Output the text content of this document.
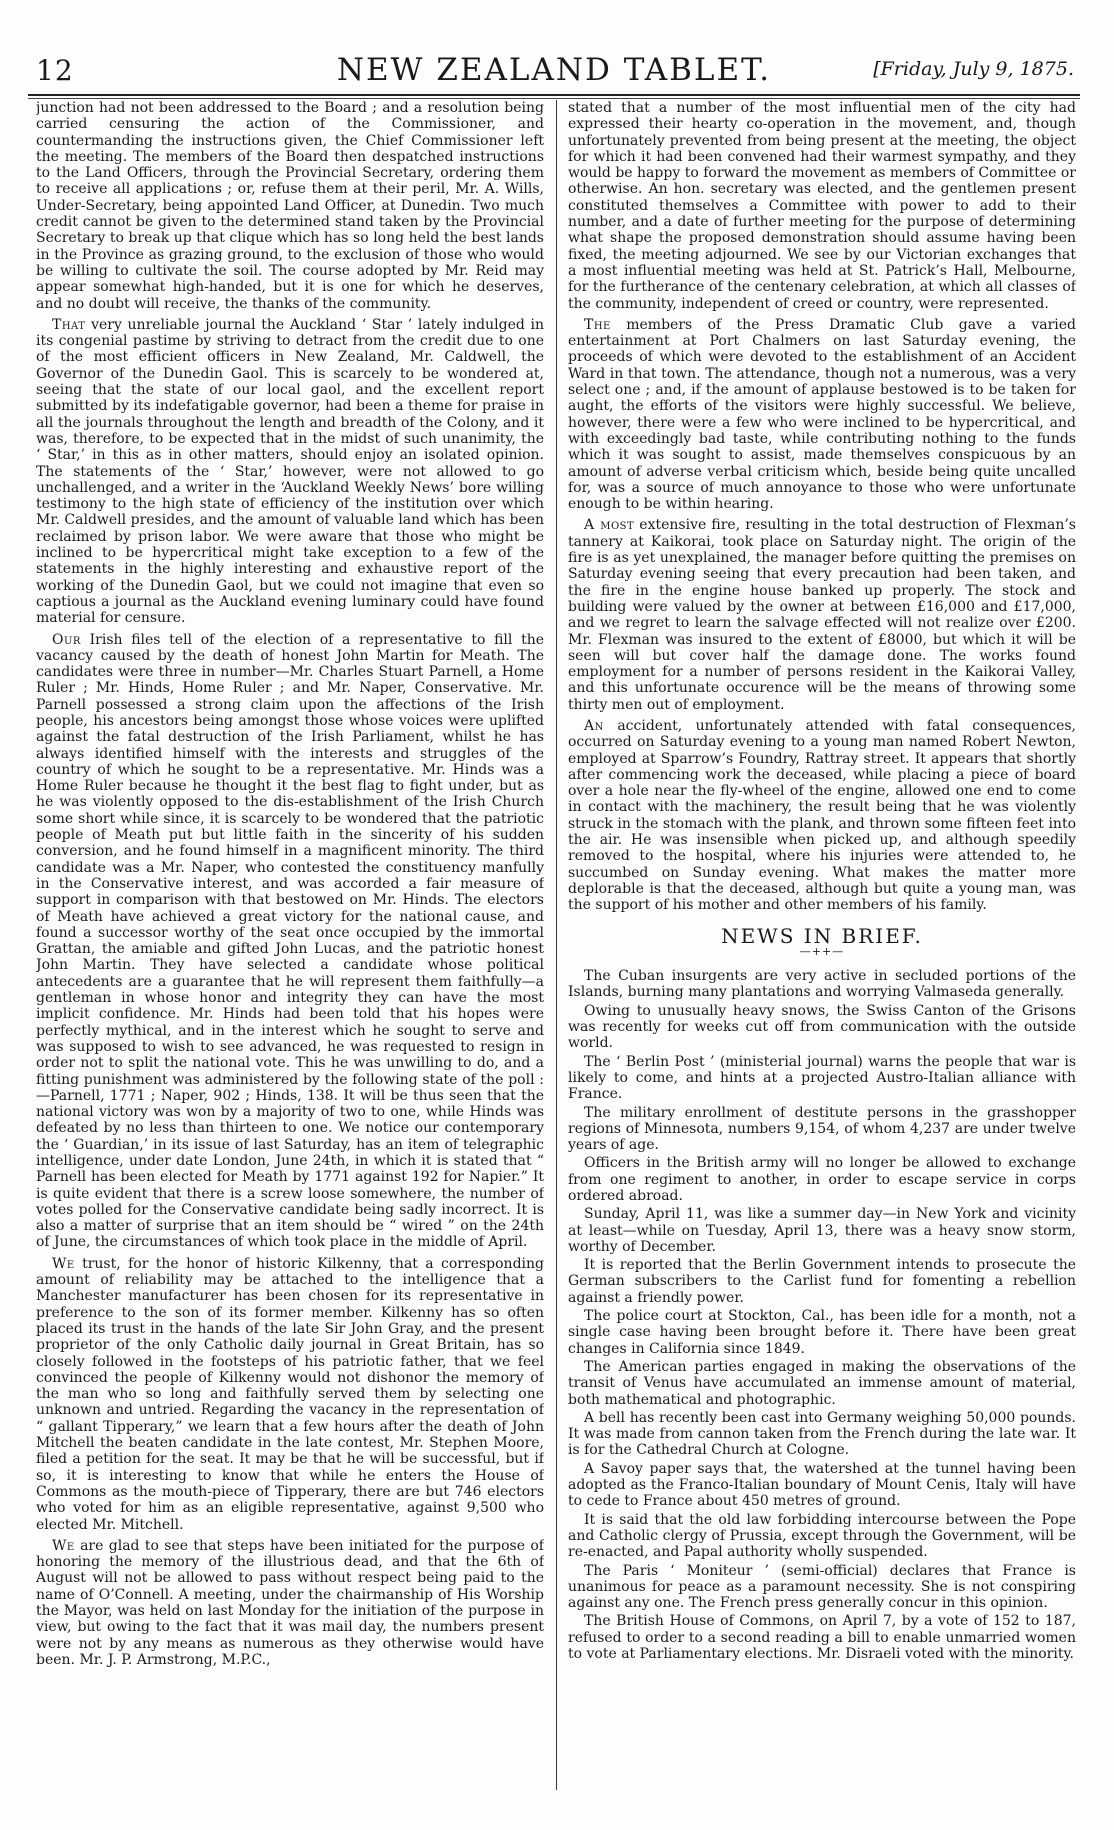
12	NEW ZEALAND TABLET.	[Friday, July 9, 1875.

junction had not been addressed to the Board ; and a resolution being carried censuring the action of the Commissioner, and countermanding the instructions given, the Chief Commissioner left the meeting. The members of the Board then despatched instructions to the Land Officers, through the Provincial Secretary, ordering them to receive all applications ; or, refuse them at their peril, Mr. A. Wills, Under-Secretary, being appointed Land Officer, at Dunedin. Two much credit cannot be given to the determined stand taken by the Provincial Secretary to break up that clique which has so long held the best lands in the Province as grazing ground, to the exclusion of those who would be willing to cultivate the soil. The course adopted by Mr. Reid may appear somewhat high-handed, but it is one for which he deserves, and no doubt will receive, the thanks of the community.

That very unreliable journal the Auckland ‘ Star ’ lately indulged in its congenial pastime by striving to detract from the credit due to one of the most efficient officers in New Zealand, Mr. Caldwell, the Governor of the Dunedin Gaol. This is scarcely to be wondered at, seeing that the state of our local gaol, and the excellent report submitted by its indefatigable governor, had been a theme for praise in all the journals throughout the length and breadth of the Colony, and it was, therefore, to be expected that in the midst of such unanimity, the ‘ Star,’ in this as in other matters, should enjoy an isolated opinion. The statements of the ‘ Star,’ however, were not allowed to go unchallenged, and a writer in the ‘Auckland Weekly News’ bore willing testimony to the high state of efficiency of the institution over which Mr. Caldwell presides, and the amount of valuable land which has been reclaimed by prison labor. We were aware that those who might be inclined to be hypercritical might take exception to a few of the statements in the highly interesting and exhaustive report of the working of the Dunedin Gaol, but we could not imagine that even so captious a journal as the Auckland evening luminary could have found material for censure.

Our Irish files tell of the election of a representative to fill the vacancy caused by the death of honest John Martin for Meath. The candidates were three in number—Mr. Charles Stuart Parnell, a Home Ruler ; Mr. Hinds, Home Ruler ; and Mr. Naper, Conservative. Mr. Parnell possessed a strong claim upon the affections of the Irish people, his ancestors being amongst those whose voices were uplifted against the fatal destruction of the Irish Parliament, whilst he has always identified himself with the interests and struggles of the country of which he sought to be a representative. Mr. Hinds was a Home Ruler because he thought it the best flag to fight under, but as he was violently opposed to the dis-establishment of the Irish Church some short while since, it is scarcely to be wondered that the patriotic people of Meath put but little faith in the sincerity of his sudden conversion, and he found himself in a magnificent minority. The third candidate was a Mr. Naper, who contested the constituency manfully in the Conservative interest, and was accorded a fair measure of support in comparison with that bestowed on Mr. Hinds. The electors of Meath have achieved a great victory for the national cause, and found a successor worthy of the seat once occupied by the immortal Grattan, the amiable and gifted John Lucas, and the patriotic honest John Martin. They have selected a candidate whose political antecedents are a guarantee that he will represent them faithfully—a gentleman in whose honor and integrity they can have the most implicit confidence. Mr. Hinds had been told that his hopes were perfectly mythical, and in the interest which he sought to serve and was supposed to wish to see advanced, he was requested to resign in order not to split the national vote. This he was unwilling to do, and a fitting punishment was administered by the following state of the poll :—Parnell, 1771 ; Naper, 902 ; Hinds, 138. It will be thus seen that the national victory was won by a majority of two to one, while Hinds was defeated by no less than thirteen to one. We notice our contemporary the ‘ Guardian,’ in its issue of last Saturday, has an item of telegraphic intelligence, under date London, June 24th, in which it is stated that “ Parnell has been elected for Meath by 1771 against 192 for Napier.” It is quite evident that there is a screw loose somewhere, the number of votes polled for the Conservative candidate being sadly incorrect. It is also a matter of surprise that an item should be “ wired ” on the 24th of June, the circumstances of which took place in the middle of April.

We trust, for the honor of historic Kilkenny, that a corresponding amount of reliability may be attached to the intelligence that a Manchester manufacturer has been chosen for its representative in preference to the son of its former member. Kilkenny has so often placed its trust in the hands of the late Sir John Gray, and the present proprietor of the only Catholic daily journal in Great Britain, has so closely followed in the footsteps of his patriotic father, that we feel convinced the people of Kilkenny would not dishonor the memory of the man who so long and faithfully served them by selecting one unknown and untried. Regarding the vacancy in the representation of “ gallant Tipperary,” we learn that a few hours after the death of John Mitchell the beaten candidate in the late contest, Mr. Stephen Moore, filed a petition for the seat. It may be that he will be successful, but if so, it is interesting to know that while he enters the House of Commons as the mouth-piece of Tipperary, there are but 746 electors who voted for him as an eligible representative, against 9,500 who elected Mr. Mitchell.

We are glad to see that steps have been initiated for the purpose of honoring the memory of the illustrious dead, and that the 6th of August will not be allowed to pass without respect being paid to the name of O’Connell. A meeting, under the chairmanship of His Worship the Mayor, was held on last Monday for the initiation of the purpose in view, but owing to the fact that it was mail day, the numbers present were not by any means as numerous as they otherwise would have been. Mr. J. P. Armstrong, M.P.C.,

stated that a number of the most influential men of the city had expressed their hearty co-operation in the movement, and, though unfortunately prevented from being present at the meeting, the object for which it had been convened had their warmest sympathy, and they would be happy to forward the movement as members of Committee or otherwise. An hon. secretary was elected, and the gentlemen present constituted themselves a Committee with power to add to their number, and a date of further meeting for the purpose of determining what shape the proposed demonstration should assume having been fixed, the meeting adjourned. We see by our Victorian exchanges that a most influential meeting was held at St. Patrick’s Hall, Melbourne, for the furtherance of the centenary celebration, at which all classes of the community, independent of creed or country, were represented.

The members of the Press Dramatic Club gave a varied entertainment at Port Chalmers on last Saturday evening, the proceeds of which were devoted to the establishment of an Accident Ward in that town. The attendance, though not a numerous, was a very select one ; and, if the amount of applause bestowed is to be taken for aught, the efforts of the visitors were highly successful. We believe, however, there were a few who were inclined to be hypercritical, and with exceedingly bad taste, while contributing nothing to the funds which it was sought to assist, made themselves conspicuous by an amount of adverse verbal criticism which, beside being quite uncalled for, was a source of much annoyance to those who were unfortunate enough to be within hearing.

A most extensive fire, resulting in the total destruction of Flexman’s tannery at Kaikorai, took place on Saturday night. The origin of the fire is as yet unexplained, the manager before quitting the premises on Saturday evening seeing that every precaution had been taken, and the fire in the engine house banked up properly. The stock and building were valued by the owner at between £16,000 and £17,000, and we regret to learn the salvage effected will not realize over £200. Mr. Flexman was insured to the extent of £8000, but which it will be seen will but cover half the damage done. The works found employment for a number of persons resident in the Kaikorai Valley, and this unfortunate occurence will be the means of throwing some thirty men out of employment.

An accident, unfortunately attended with fatal consequences, occurred on Saturday evening to a young man named Robert Newton, employed at Sparrow’s Foundry, Rattray street. It appears that shortly after commencing work the deceased, while placing a piece of board over a hole near the fly-wheel of the engine, allowed one end to come in contact with the machinery, the result being that he was violently struck in the stomach with the plank, and thrown some fifteen feet into the air. He was insensible when picked up, and although speedily removed to the hospital, where his injuries were attended to, he succumbed on Sunday evening. What makes the matter more deplorable is that the deceased, although but quite a young man, was the support of his mother and other members of his family.

NEWS IN BRIEF.
—++—

The Cuban insurgents are very active in secluded portions of the Islands, burning many plantations and worrying Valmaseda generally.

Owing to unusually heavy snows, the Swiss Canton of the Grisons was recently for weeks cut off from communication with the outside world.

The ‘ Berlin Post ’ (ministerial journal) warns the people that war is likely to come, and hints at a projected Austro-Italian alliance with France.

The military enrollment of destitute persons in the grasshopper regions of Minnesota, numbers 9,154, of whom 4,237 are under twelve years of age.

Officers in the British army will no longer be allowed to exchange from one regiment to another, in order to escape service in corps ordered abroad.

Sunday, April 11, was like a summer day—in New York and vicinity at least—while on Tuesday, April 13, there was a heavy snow storm, worthy of December.

It is reported that the Berlin Government intends to prosecute the German subscribers to the Carlist fund for fomenting a rebellion against a friendly power.

The police court at Stockton, Cal., has been idle for a month, not a single case having been brought before it. There have been great changes in California since 1849.

The American parties engaged in making the observations of the transit of Venus have accumulated an immense amount of material, both mathematical and photographic.

A bell has recently been cast into Germany weighing 50,000 pounds. It was made from cannon taken from the French during the late war. It is for the Cathedral Church at Cologne.

A Savoy paper says that, the watershed at the tunnel having been adopted as the Franco-Italian boundary of Mount Cenis, Italy will have to cede to France about 450 metres of ground.

It is said that the old law forbidding intercourse between the Pope and Catholic clergy of Prussia, except through the Government, will be re-enacted, and Papal authority wholly suspended.

The Paris ‘ Moniteur ’ (semi-official) declares that France is unanimous for peace as a paramount necessity. She is not conspiring against any one. The French press generally concur in this opinion.

The British House of Commons, on April 7, by a vote of 152 to 187, refused to order to a second reading a bill to enable unmarried women to vote at Parliamentary elections. Mr. Disraeli voted with the minority.
